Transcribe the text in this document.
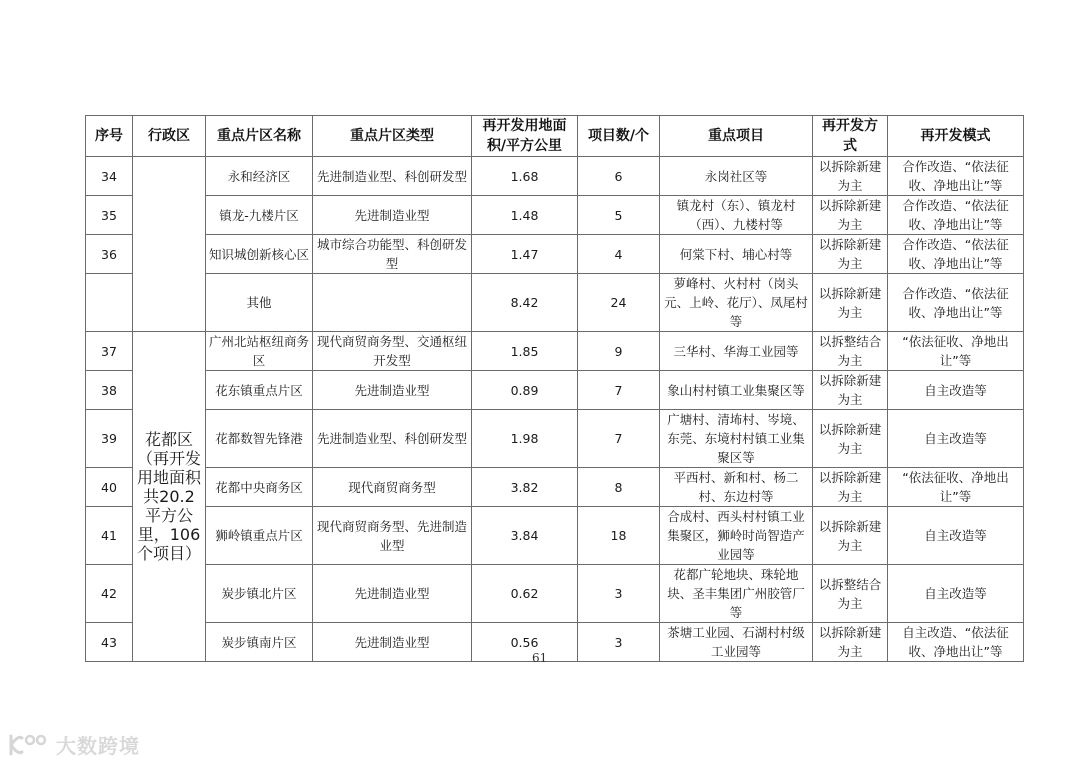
序号	行政区	重点片区名称	重点片区类型	再开发用地面积/平方公里	项目数/个	重点项目	再开发方式	再开发模式
34		永和经济区	先进制造业型、科创研发型	1.68	6	永岗社区等	以拆除新建为主	合作改造、“依法征收、净地出让”等
35		镇龙-九楼片区	先进制造业型	1.48	5	镇龙村（东）、镇龙村（西）、九楼村等	以拆除新建为主	合作改造、“依法征收、净地出让”等
36		知识城创新核心区	城市综合功能型、科创研发型	1.47	4	何棠下村、埔心村等	以拆除新建为主	合作改造、“依法征收、净地出让”等
		其他		8.42	24	萝峰村、火村村（岗头元、上岭、花厅）、凤尾村等	以拆除新建为主	合作改造、“依法征收、净地出让”等
37	花都区（再开发用地面积共20.2平方公里，106个项目）	广州北站枢纽商务区	现代商贸商务型、交通枢纽开发型	1.85	9	三华村、华海工业园等	以拆整结合为主	“依法征收、净地出让”等
38		花东镇重点片区	先进制造业型	0.89	7	象山村村镇工业集聚区等	以拆除新建为主	自主改造等
39		花都数智先锋港	先进制造业型、科创研发型	1.98	7	广塘村、清㘵村、岑境、东莞、东境村村镇工业集聚区等	以拆除新建为主	自主改造等
40		花都中央商务区	现代商贸商务型	3.82	8	平西村、新和村、杨二村、东边村等	以拆除新建为主	“依法征收、净地出让”等
41		狮岭镇重点片区	现代商贸商务型、先进制造业型	3.84	18	合成村、西头村村镇工业集聚区，狮岭时尚智造产业园等	以拆除新建为主	自主改造等
42		炭步镇北片区	先进制造业型	0.62	3	花都广轮地块、珠轮地块、圣丰集团广州胶管厂等	以拆整结合为主	自主改造等
43		炭步镇南片区	先进制造业型	0.56	3	茶塘工业园、石湖村村级工业园等	以拆除新建为主	自主改造、“依法征收、净地出让”等
61
大数跨境
